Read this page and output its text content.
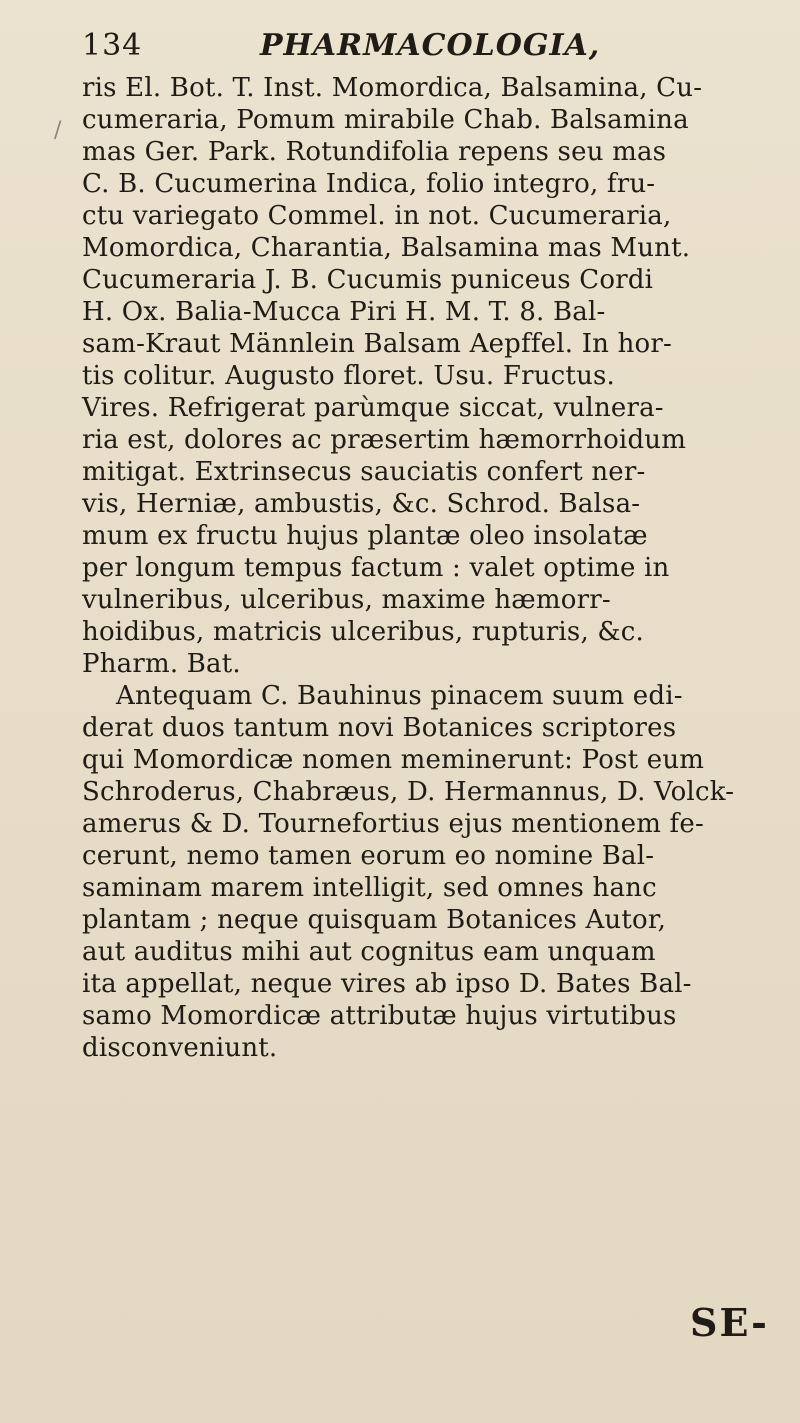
134	PHARMACOLOGIA,
/
ris El. Bot. T. Inst. Momordica, Balsamina, Cu-
cumeraria, Pomum mirabile Chab. Balsamina
mas Ger. Park. Rotundifolia repens seu mas
C. B. Cucumerina Indica, folio integro, fru-
ctu variegato Commel. in not. Cucumeraria,
Momordica, Charantia, Balsamina mas Munt.
Cucumeraria J. B. Cucumis puniceus Cordi
H. Ox. Balia-Mucca Piri H. M. T. 8. Bal-
sam-Kraut Männlein Balsam Aepffel. In hor-
tis colitur. Augusto floret. Usu. Fructus.
Vires. Refrigerat parùmque siccat, vulnera-
ria est, dolores ac præsertim hæmorrhoidum
mitigat. Extrinsecus sauciatis confert ner-
vis, Herniæ, ambustis, &c. Schrod. Balsa-
mum ex fructu hujus plantæ oleo insolatæ
per longum tempus factum : valet optime in
vulneribus, ulceribus, maxime hæmorr-
hoidibus, matricis ulceribus, rupturis, &c.
Pharm. Bat.
Antequam C. Bauhinus pinacem suum edi-
derat duos tantum novi Botanices scriptores
qui Momordicæ nomen meminerunt: Post eum
Schroderus, Chabræus, D. Hermannus, D. Volck-
amerus & D. Tournefortius ejus mentionem fe-
cerunt, nemo tamen eorum eo nomine Bal-
saminam marem intelligit, sed omnes hanc
plantam ; neque quisquam Botanices Autor,
aut auditus mihi aut cognitus eam unquam
ita appellat, neque vires ab ipso D. Bates Bal-
samo Momordicæ attributæ hujus virtutibus
disconveniunt.
SE-
